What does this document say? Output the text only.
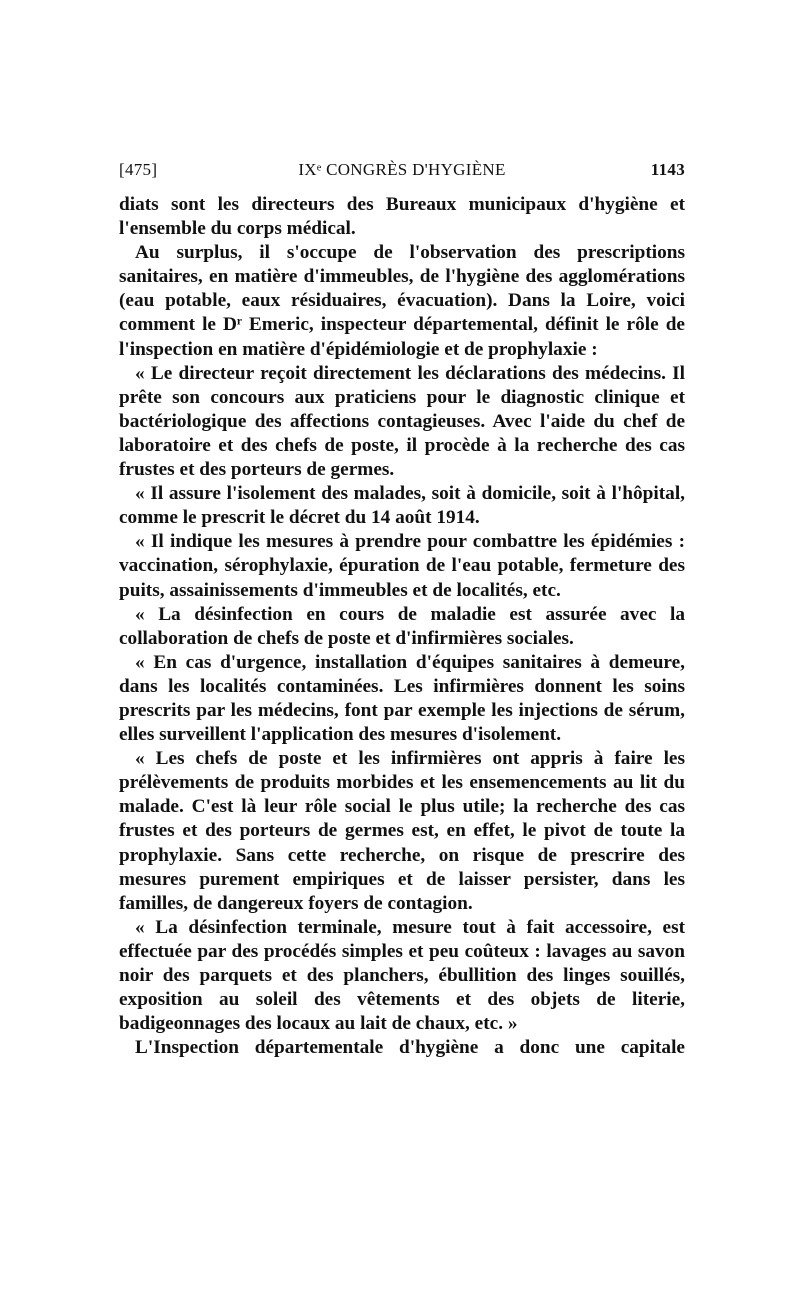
[475]	IXᵉ CONGRÈS D'HYGIÈNE	1143

diats sont les directeurs des Bureaux municipaux d'hygiène et l'ensemble du corps médical.

Au surplus, il s'occupe de l'observation des prescriptions sanitaires, en matière d'immeubles, de l'hygiène des agglomérations (eau potable, eaux résiduaires, évacuation). Dans la Loire, voici comment le Dʳ Emeric, inspecteur départemental, définit le rôle de l'inspection en matière d'épidémiologie et de prophylaxie :

« Le directeur reçoit directement les déclarations des médecins. Il prête son concours aux praticiens pour le diagnostic clinique et bactériologique des affections contagieuses. Avec l'aide du chef de laboratoire et des chefs de poste, il procède à la recherche des cas frustes et des porteurs de germes.

« Il assure l'isolement des malades, soit à domicile, soit à l'hôpital, comme le prescrit le décret du 14 août 1914.

« Il indique les mesures à prendre pour combattre les épidémies : vaccination, sérophylaxie, épuration de l'eau potable, fermeture des puits, assainissements d'immeubles et de localités, etc.

« La désinfection en cours de maladie est assurée avec la collaboration de chefs de poste et d'infirmières sociales.

« En cas d'urgence, installation d'équipes sanitaires à demeure, dans les localités contaminées. Les infirmières donnent les soins prescrits par les médecins, font par exemple les injections de sérum, elles surveillent l'application des mesures d'isolement.

« Les chefs de poste et les infirmières ont appris à faire les prélèvements de produits morbides et les ensemencements au lit du malade. C'est là leur rôle social le plus utile; la recherche des cas frustes et des porteurs de germes est, en effet, le pivot de toute la prophylaxie. Sans cette recherche, on risque de prescrire des mesures purement empiriques et de laisser persister, dans les familles, de dangereux foyers de contagion.

« La désinfection terminale, mesure tout à fait accessoire, est effectuée par des procédés simples et peu coûteux : lavages au savon noir des parquets et des planchers, ébullition des linges souillés, exposition au soleil des vêtements et des objets de literie, badigeonnages des locaux au lait de chaux, etc. »

L'Inspection départementale d'hygiène a donc une capitale
